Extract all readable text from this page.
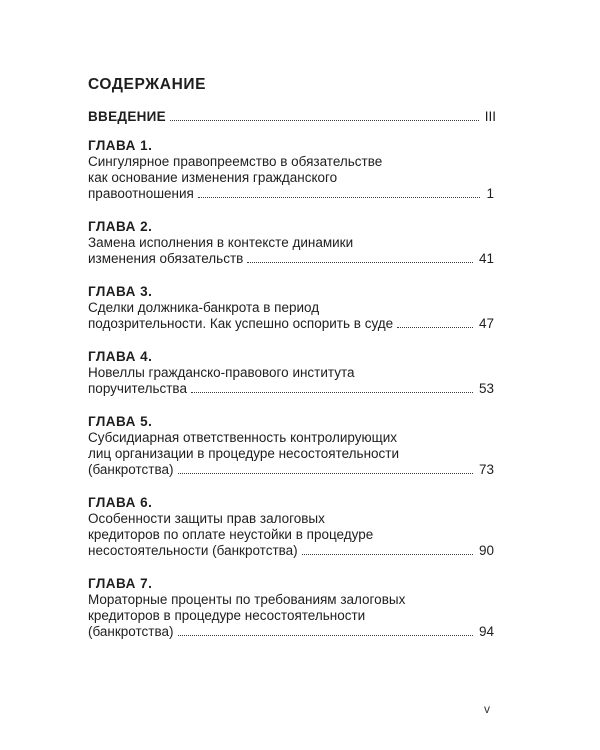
СОДЕРЖАНИЕ
ВВЕДЕНИЕ	III
ГЛАВА 1.
Сингулярное правопреемство в обязательстве
как основание изменения гражданского
правоотношения	1
ГЛАВА 2.
Замена исполнения в контексте динамики
изменения обязательств	41
ГЛАВА 3.
Сделки должника-банкрота в период
подозрительности. Как успешно оспорить в суде	47
ГЛАВА 4.
Новеллы гражданско-правового института
поручительства	53
ГЛАВА 5.
Субсидиарная ответственность контролирующих
лиц организации в процедуре несостоятельности
(банкротства)	73
ГЛАВА 6.
Особенности защиты прав залоговых
кредиторов по оплате неустойки в процедуре
несостоятельности (банкротства)	90
ГЛАВА 7.
Мораторные проценты по требованиям залоговых
кредиторов в процедуре несостоятельности
(банкротства)	94
v
